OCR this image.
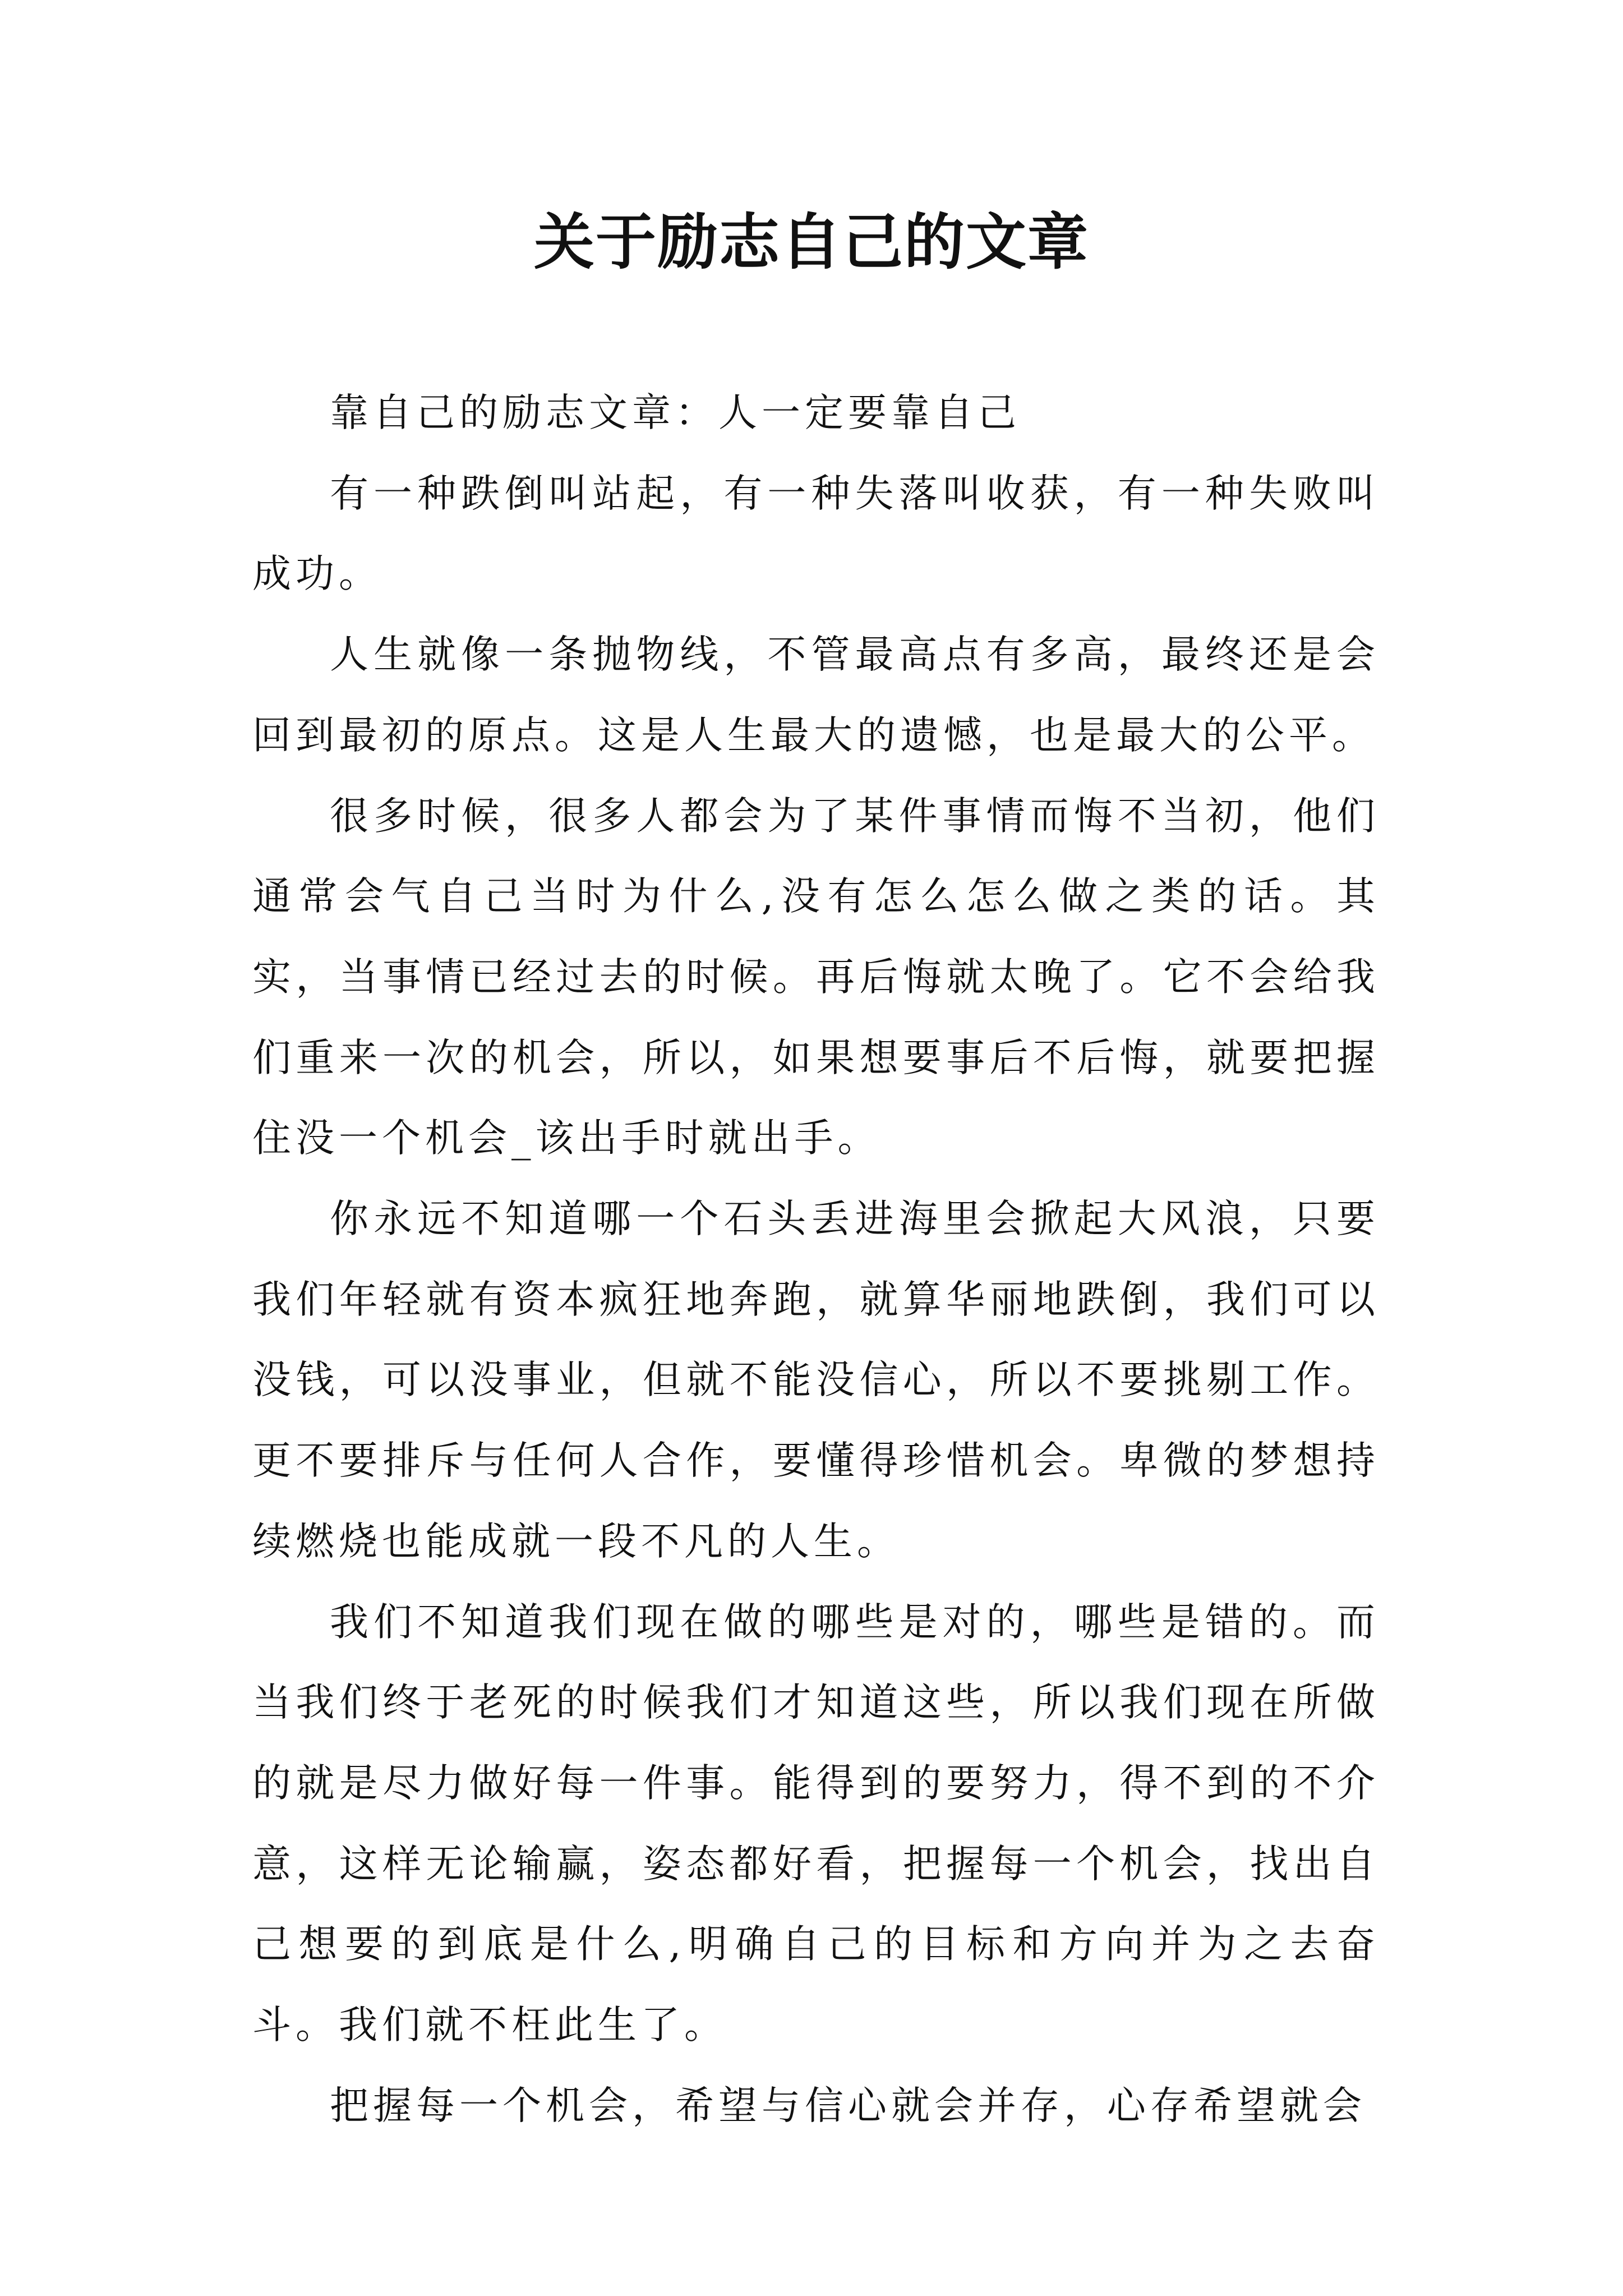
关于励志自己的文章

靠自己的励志文章：人一定要靠自己

有一种跌倒叫站起，有一种失落叫收获，有一种失败叫成功。

人生就像一条抛物线，不管最高点有多高，最终还是会回到最初的原点。这是人生最大的遗憾，也是最大的公平。

很多时候，很多人都会为了某件事情而悔不当初，他们通常会气自己当时为什么,没有怎么怎么做之类的话。其实，当事情已经过去的时候。再后悔就太晚了。它不会给我们重来一次的机会，所以，如果想要事后不后悔，就要把握住没一个机会_该出手时就出手。

你永远不知道哪一个石头丢进海里会掀起大风浪，只要我们年轻就有资本疯狂地奔跑，就算华丽地跌倒，我们可以没钱，可以没事业，但就不能没信心，所以不要挑剔工作。更不要排斥与任何人合作，要懂得珍惜机会。卑微的梦想持续燃烧也能成就一段不凡的人生。

我们不知道我们现在做的哪些是对的，哪些是错的。而当我们终于老死的时候我们才知道这些，所以我们现在所做的就是尽力做好每一件事。能得到的要努力，得不到的不介意，这样无论输赢，姿态都好看，把握每一个机会，找出自己想要的到底是什么,明确自己的目标和方向并为之去奋斗。我们就不枉此生了。

把握每一个机会，希望与信心就会并存，心存希望就会
